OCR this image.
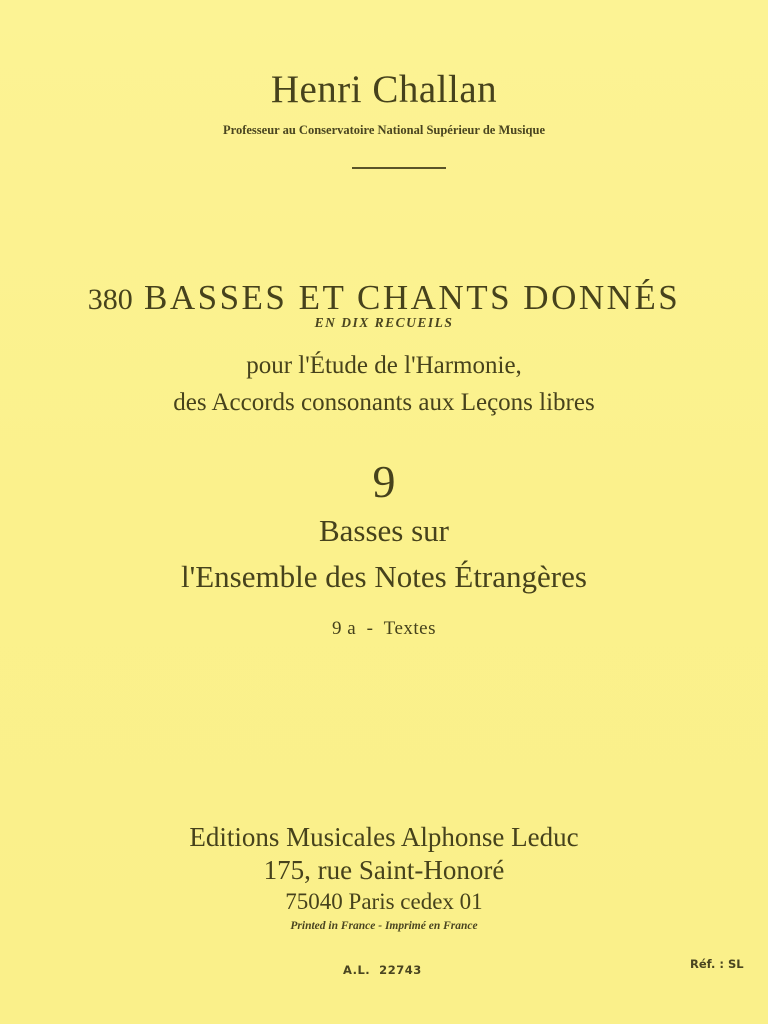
Henri Challan
Professeur au Conservatoire National Supérieur de Musique
380 BASSES ET CHANTS DONNÉS
EN DIX RECUEILS
pour l'Étude de l'Harmonie,
des Accords consonants aux Leçons libres
9
Basses sur
l'Ensemble des Notes Étrangères
9 a  -  Textes
Editions Musicales Alphonse Leduc
175, rue Saint-Honoré
75040 Paris cedex 01
Printed in France - Imprimé en France
A.L.  22743	Réf. : SL
